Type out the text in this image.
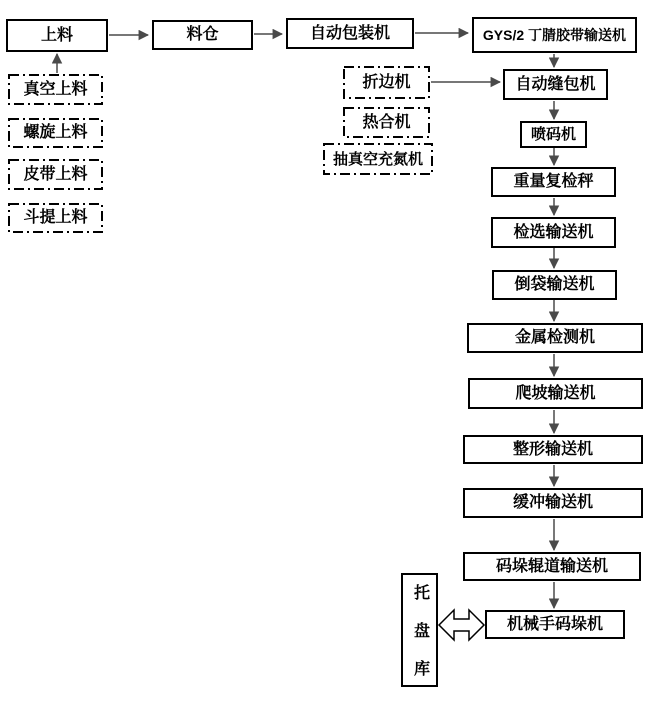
上料	料仓	自动包装机	GYS/2 丁腈胶带输送机
自动缝包机
喷码机
重量复检秤
检选输送机
倒袋输送机
金属检测机
爬坡输送机
整形输送机
缓冲输送机
码垛辊道输送机
机械手码垛机
托盘库
真空上料
螺旋上料
皮带上料
斗提上料
折边机
热合机
抽真空充氮机
